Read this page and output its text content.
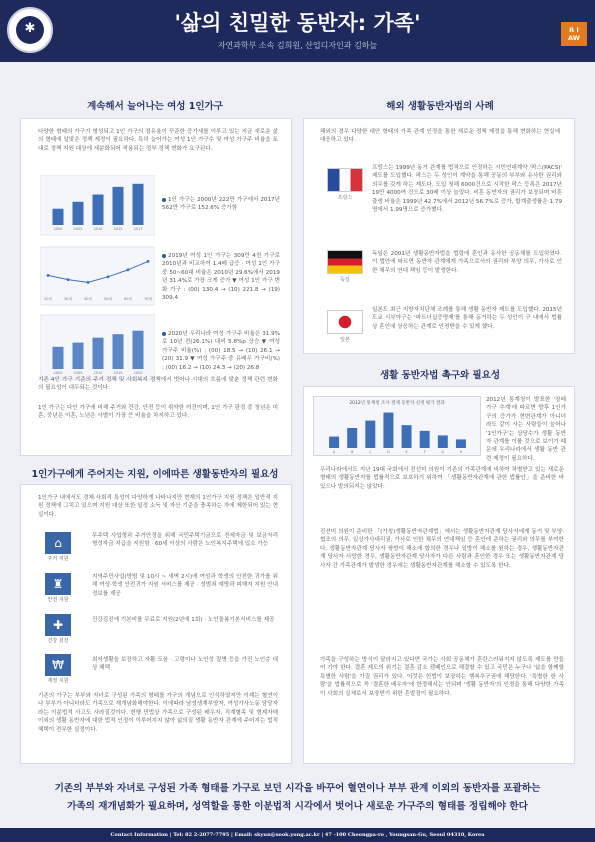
✱	'삶의 친밀한 동반자: 가족'
자연과학부 소속 김희원, 산업디자인과 김하늘
R I
AW
계속해서 늘어나는 여성 1인가구
다양한 형태의 가구가 형성되고 1인 가구의 점유율이 꾸준한 증가세를 이루고 있는 지금 새로운 삶의 형태에 알맞은 정책 제정이 필요하다. 특히 늘어가는 여성 1인 가구수 및 여성 가구주 비율을 토대로 정책 지원 대상에 세분화되어 적용되는 정부 정책 변화가 요구된다.
2000	2005	2010	2015	2017
20대	30대	40대	50대	60대	70대
2000	2005	2010	2015	2020
1인 가구는 2000년 222만 가구에서 2017년 562만 가구로 152.6% 증가함
2019년 여성 1인 가구는 309만 4천 가구로 2010년과 비교하여 1.4배 급증 · 여성 1인 가구 중 50~60대 비율은 2010년 29.6%에서 2019년 31.4%로 가장 크게 증가 ▼ 여성 1인 가구 변화 가구 : (00) 130.4 → (10) 221.8 → (19) 309.4
2020년 우리나라 여성 가구주 비율은 31.9%로 10년 전(26.1%) 대비 5.8%p 상승 ▼ 여성 가구주 비율(%) : (00) 18.5 → (10) 26.1 → (20) 31.9 ▼ 여성 가구주 중 유배우 가구비(%) : (00) 16.2 → (10) 24.3 → (20) 26.8
기존 4인 가구 기준의 주거 정책 및 사회복지 정책에서 벗어나 시대의 흐름에 맞춘 정책 관련 변화의 필요성이 대두되는 것이다.
1인 가구는 다인 가구에 비해 주거와 건강, 안전 등이 취약한 여건이며, 1인 가구 판정 중 청년은 미혼, 중년은 이혼, 노년은 사별이 가장 큰 비율을 차지하고 있다.
1인가구에게 주어지는 지원, 이에따른 생활동반자의 필요성
1인가구 내에서도 경제·사회적 특성이 다양하게 나타나지만 현재의 1인가구 지원 정책은 일반적 지원 정책에 그치고 있으며 지원 대상 또한 일정 소득 및 자산 기준을 충족하는 자에 제한되어 있는 현실이다.
⌂
주거 지원
무주택 사업형과 주거안정을 위해 국민주택기금으로 전세자금 및 보금자리 형성자금 지급을 지원함 · 60세 이상의 사람은 노인복지주택에 입소 가능
♜
안전 지원
지역주민사업(방범 및 10시 ~ 새벽 2시)에 여성과 학생의 안전한 귀가를 위해 여성·학생 안전귀가 지원 서비스를 제공 · 성범죄 예방과 피해자 지원 안내 정보를 제공
✚
건강 검진
건강검진에 기본비를 무료로 지원(2년에 1회) · 노인돌봄기본서비스를 제공
₩
재정 지원
최저생활을 보장하고 자활 도움 · 고령이나 노인성 질병 등을 가진 노인층 대상 혜택
기존의 가구는 부부와 자녀로 구성된 가족의 형태를 가구의 개념으로 인식하였지만 이제는 혈연이나 부부가 아니더라도 가족으로 재개념화해야한다. 이에따라 남성생계부양자, 여성가사노동 담당자 라는 이분법적 사고도 사라질것이다. 현행 민법상 가족으로 구성된 배우자, 직계혈족 및 형제자매 이외의 생활 동반자에 대한 법적 인정이 이루어지지 않아 삶의질 생활 동반자 관계에 주어지는 법적 혜택이 전무한 실정이다.
해외 생활동반자법의 사례
해외의 경우 다양한 대안 형태의 가족 관계 인정을 통한 새로운 정책 제정을 통해 변화하는 현실에 대응하고 있다.
프랑스
프랑스는 1999년 동거 관계를 법적으로 인정하는 시민연대계약 '팍스(PACS)' 제도를 도입했다. 팍스는 두 성인이 계약을 통해 공동의 부부와 유사한 권리와 의무를 갖게 하는 제도다. 도입 첫해 6000건으로 시작한 팍스 등록은 2017년 19만 4000여 건으로 30배 이상 늘었다. 비혼 동반자의 권리가 보장되며 비혼 출생 비율은 1999년 42.7%에서 2012년 56.7%로 증가, 합계출생률은 1.79명에서 1.99명으로 증가했다.
독일
독일은 2001년 생활동반자법을 법령에 혼인과 유사한 공동체를 도입하였다. 이 법안에 따르면 동반자 관계에게 가족으로서의 권리와 부양 의무, 가사로 인한 채무의 연대 책임 등이 발생한다.
일본
일본도 최근 지방자치단체 조례를 통해 생활 동반자 제도를 도입했다. 2015년 도쿄 시부야구는 '파트너십증명제'를 통해 동거하는 두 성인이 구 내에서 법률상 혼인에 상응하는 관계로 인정받을 수 있게 했다.
생활 동반자법 촉구와 필요성
2012년 통계청 조사 결제 동반자 선정 평가 결과
A	B	C	D	E	F	G	H
2012년 통계청이 발표한 '장래 가구 추계'에 따르면 향후 1인가구의 증가가 현변관계가 아니더라도 같이 사는 사람들이 늘어나 '1인가구'는 상당수가 생활 동반자 관계를 이룰 것으로 보이기 때문에 우리나라에서 생활 동반 관련 제정이 필요하다.
우리나라에서도 지난 19대 국회에서 진선미 의원이 기존의 가족관계에 비하여 차별받고 있는 새로운 형태의 생활동반자를 법률적으로 보호하기 위하여 「생활동반자관계에 관한 법률안」을 준비한 바 있으나 발의되지는 않았다.
진선미 의원이 준비한 「(가칭)생활동반자관계법」에서는 생활동반자관계 당사자에게 동거 및 부양·협조의 의무, 일상가사대리권, 가사로 인한 채무의 연대책임 등 혼인에 준하는 권리와 의무를 부여한다. 생활동반자관계 당사자 쌍방이 해소에 합의한 경우나 일방이 해소를 원하는 경우, 생활동반자관계 당사자 사망한 경우, 생활동반자관계 당사자가 다른 사람과 혼인한 경우 또는 생활동반자관계 당사자 간 가족관계가 발생한 경우에는 생활동반자관계를 해소할 수 있도록 한다.
가족을 구성하는 방식이 달라지고 있다면 국가는 사회 공동체가 혼란스러워지지 않도록 제도를 만들어 가야 한다. 결혼 제도의 위기는 결혼 감소 캠페인으로 해결할 수 있고 국민은 누구나 '삶을 함께할 특별한 사람'을 가질 권리가 있다. 이것은 헌법이 보장하는 행복추구권에 해당한다. '특별한 한 사람'을 법률적으로 꼭 '결혼한 배우자'에 한정해서는 안되며 '생활 동반자'의 인정을 통해 다양한 가족이 사회의 실체로서 보장받기 위한 흔발점이 필요하다.
기존의 부부와 자녀로 구성된 가족 형태를 가구로 보던 시각을 바꾸어 혈연이나 부부 관계 이외의 동반자를 포괄하는
가족의 재개념화가 필요하며, 성역할을 통한 이분법적 시각에서 벗어나 새로운 가구주의 형태를 정립해야 한다
Contact Information | Tel: 82 2-2077-7795 | Email: skyun@sook.yong.ac.kr | 47 -100 Cheongpa-ro , Youngsan-Gu, Seoul 04310, Korea
